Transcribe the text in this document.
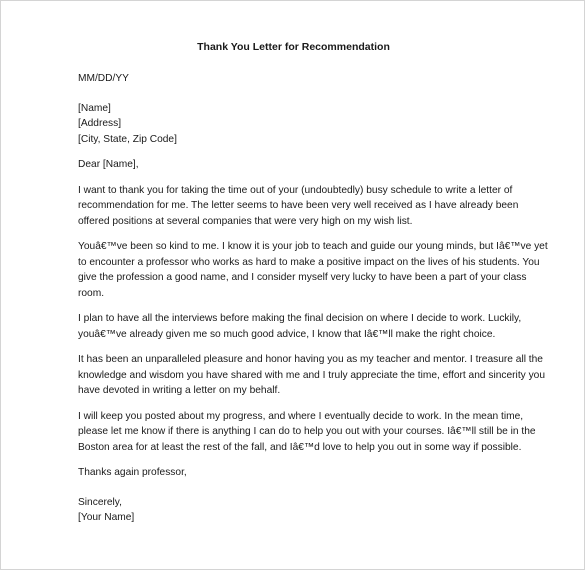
Thank You Letter for Recommendation
MM/DD/YY
[Name]
[Address]
[City, State, Zip Code]
Dear [Name],
I want to thank you for taking the time out of your (undoubtedly) busy schedule to write a letter of
recommendation for me. The letter seems to have been very well received as I have already been
offered positions at several companies that were very high on my wish list.
Youâ€™ve been so kind to me. I know it is your job to teach and guide our young minds, but Iâ€™ve yet
to encounter a professor who works as hard to make a positive impact on the lives of his students. You
give the profession a good name, and I consider myself very lucky to have been a part of your class
room.
I plan to have all the interviews before making the final decision on where I decide to work. Luckily,
youâ€™ve already given me so much good advice, I know that Iâ€™ll make the right choice.
It has been an unparalleled pleasure and honor having you as my teacher and mentor. I treasure all the
knowledge and wisdom you have shared with me and I truly appreciate the time, effort and sincerity you
have devoted in writing a letter on my behalf.
I will keep you posted about my progress, and where I eventually decide to work. In the mean time,
please let me know if there is anything I can do to help you out with your courses. Iâ€™ll still be in the
Boston area for at least the rest of the fall, and Iâ€™d love to help you out in some way if possible.
Thanks again professor,
Sincerely,
[Your Name]
